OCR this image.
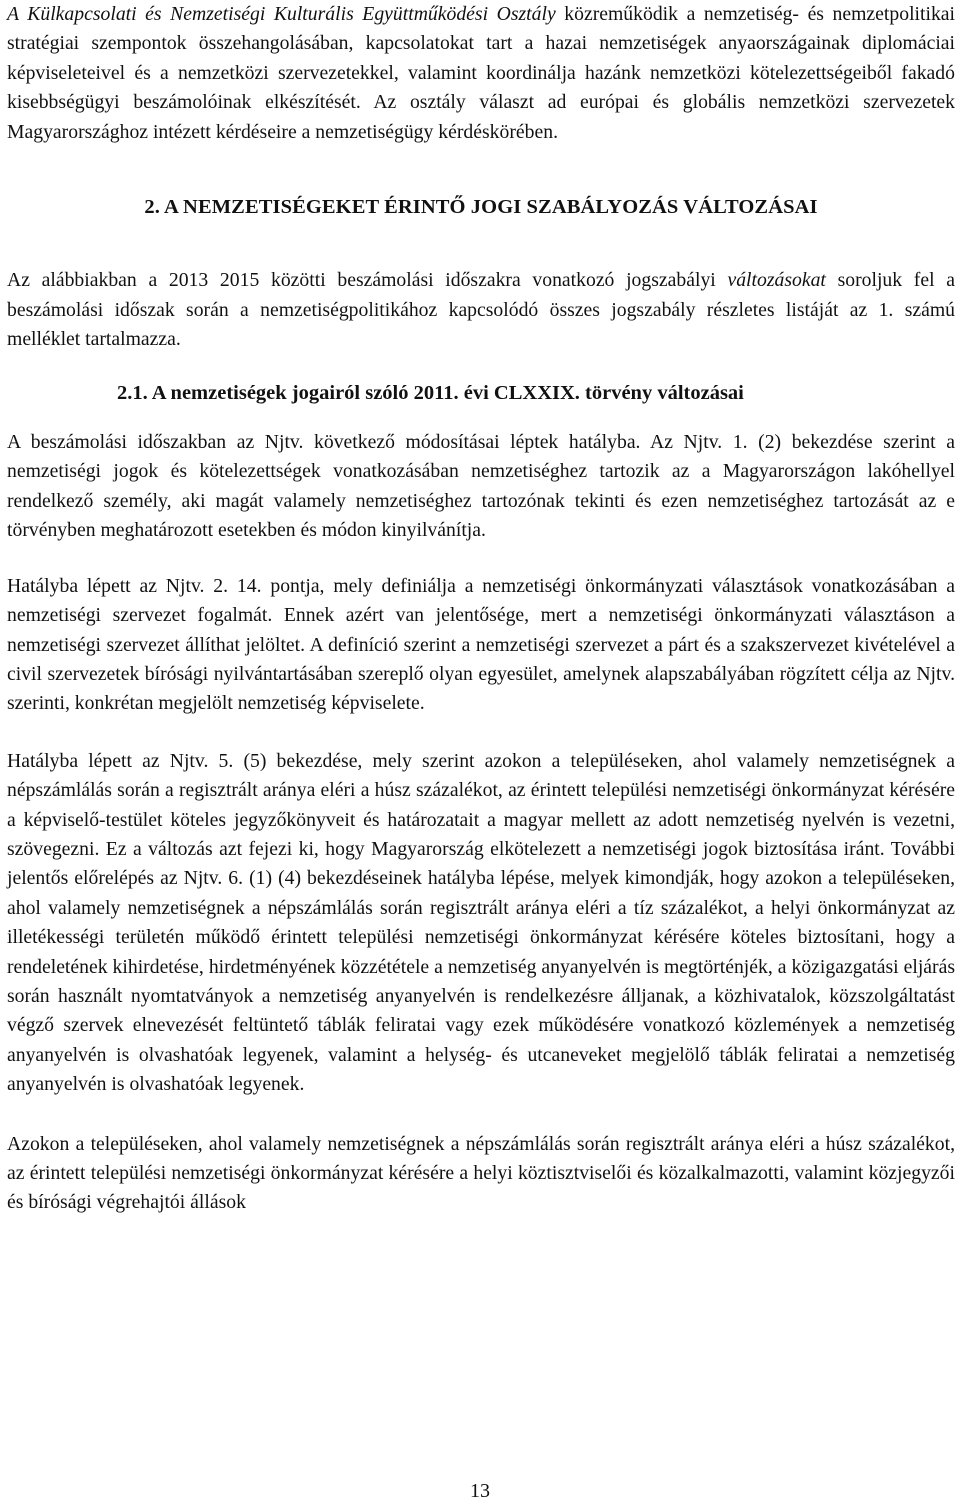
A Külkapcsolati és Nemzetiségi Kulturális Együttműködési Osztály közreműködik a nemzetiség- és nemzetpolitikai stratégiai szempontok összehangolásában, kapcsolatokat tart a hazai nemzetiségek anyaországainak diplomáciai képviseleteivel és a nemzetközi szervezetekkel, valamint koordinálja hazánk nemzetközi kötelezettségeiből fakadó kisebbségügyi beszámolóinak elkészítését. Az osztály választ ad európai és globális nemzetközi szervezetek Magyarországhoz intézett kérdéseire a nemzetiségügy kérdéskörében.

2. A NEMZETISÉGEKET ÉRINTŐ JOGI SZABÁLYOZÁS VÁLTOZÁSAI

Az alábbiakban a 2013 2015 közötti beszámolási időszakra vonatkozó jogszabályi változásokat soroljuk fel a beszámolási időszak során a nemzetiségpolitikához kapcsolódó összes jogszabály részletes listáját az 1. számú melléklet tartalmazza.

2.1. A nemzetiségek jogairól szóló 2011. évi CLXXIX. törvény változásai

A beszámolási időszakban az Njtv. következő módosításai léptek hatályba. Az Njtv. 1. (2) bekezdése szerint a nemzetiségi jogok és kötelezettségek vonatkozásában nemzetiséghez tartozik az a Magyarországon lakóhellyel rendelkező személy, aki magát valamely nemzetiséghez tartozónak tekinti és ezen nemzetiséghez tartozását az e törvényben meghatározott esetekben és módon kinyilvánítja.

Hatályba lépett az Njtv. 2. 14. pontja, mely definiálja a nemzetiségi önkormányzati választások vonatkozásában a nemzetiségi szervezet fogalmát. Ennek azért van jelentősége, mert a nemzetiségi önkormányzati választáson a nemzetiségi szervezet állíthat jelöltet. A definíció szerint a nemzetiségi szervezet a párt és a szakszervezet kivételével a civil szervezetek bírósági nyilvántartásában szereplő olyan egyesület, amelynek alapszabályában rögzített célja az Njtv. szerinti, konkrétan megjelölt nemzetiség képviselete.

Hatályba lépett az Njtv. 5. (5) bekezdése, mely szerint azokon a településeken, ahol valamely nemzetiségnek a népszámlálás során a regisztrált aránya eléri a húsz százalékot, az érintett települési nemzetiségi önkormányzat kérésére a képviselő-testület köteles jegyzőkönyveit és határozatait a magyar mellett az adott nemzetiség nyelvén is vezetni, szövegezni. Ez a változás azt fejezi ki, hogy Magyarország elkötelezett a nemzetiségi jogok biztosítása iránt. További jelentős előrelépés az Njtv. 6. (1) (4) bekezdéseinek hatályba lépése, melyek kimondják, hogy azokon a településeken, ahol valamely nemzetiségnek a népszámlálás során regisztrált aránya eléri a tíz százalékot, a helyi önkormányzat az illetékességi területén működő érintett települési nemzetiségi önkormányzat kérésére köteles biztosítani, hogy a rendeletének kihirdetése, hirdetményének közzététele a nemzetiség anyanyelvén is megtörténjék, a közigazgatási eljárás során használt nyomtatványok a nemzetiség anyanyelvén is rendelkezésre álljanak, a közhivatalok, közszolgáltatást végző szervek elnevezését feltüntető táblák feliratai vagy ezek működésére vonatkozó közlemények a nemzetiség anyanyelvén is olvashatóak legyenek, valamint a helység- és utcaneveket megjelölő táblák feliratai a nemzetiség anyanyelvén is olvashatóak legyenek.

Azokon a településeken, ahol valamely nemzetiségnek a népszámlálás során regisztrált aránya eléri a húsz százalékot, az érintett települési nemzetiségi önkormányzat kérésére a helyi köztisztviselői és közalkalmazotti, valamint közjegyzői és bírósági végrehajtói állások

13
